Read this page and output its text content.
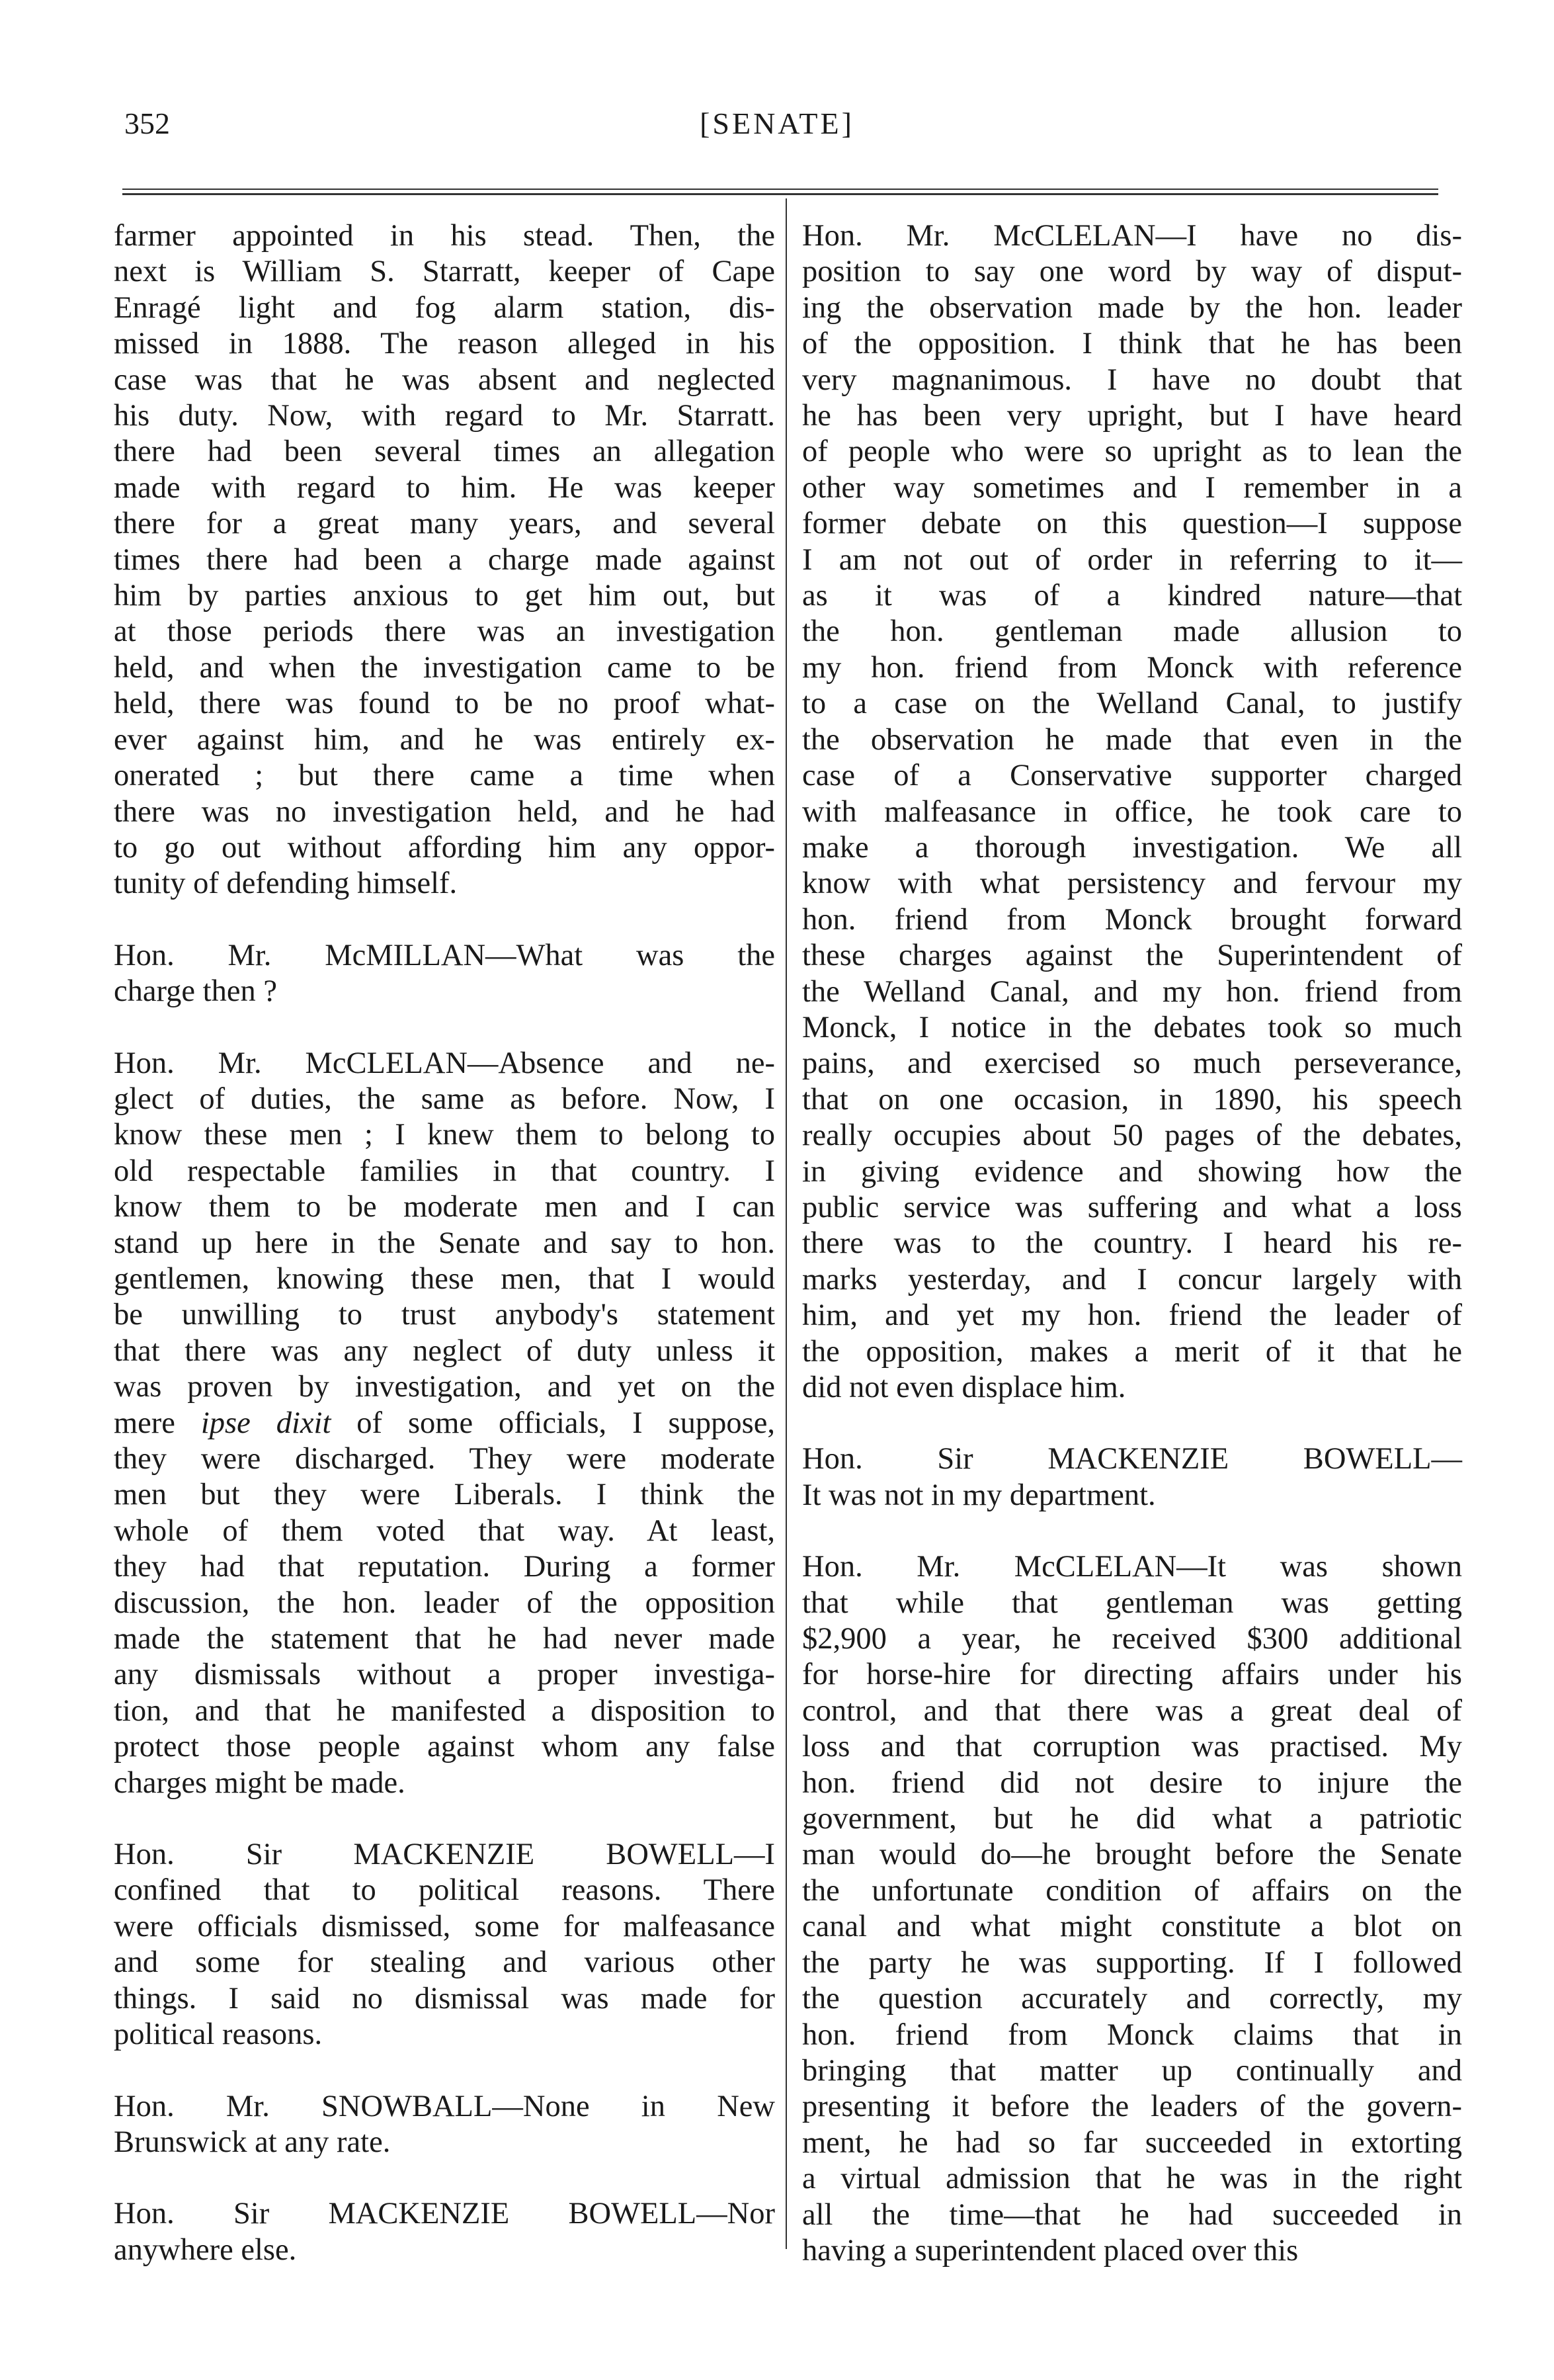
352	[SENATE]
farmer appointed in his stead. Then, the
next is William S. Starratt, keeper of Cape
Enragé light and fog alarm station, dis-
missed in 1888. The reason alleged in his
case was that he was absent and neglected
his duty. Now, with regard to Mr. Starratt.
there had been several times an allegation
made with regard to him. He was keeper
there for a great many years, and several
times there had been a charge made against
him by parties anxious to get him out, but
at those periods there was an investigation
held, and when the investigation came to be
held, there was found to be no proof what-
ever against him, and he was entirely ex-
onerated ; but there came a time when
there was no investigation held, and he had
to go out without affording him any oppor-
tunity of defending himself.
Hon. Mr. McMILLAN—What was the
charge then ?
Hon. Mr. McCLELAN—Absence and ne-
glect of duties, the same as before. Now, I
know these men ; I knew them to belong to
old respectable families in that country. I
know them to be moderate men and I can
stand up here in the Senate and say to hon.
gentlemen, knowing these men, that I would
be unwilling to trust anybody's statement
that there was any neglect of duty unless it
was proven by investigation, and yet on the
mere ipse dixit of some officials, I suppose,
they were discharged. They were moderate
men but they were Liberals. I think the
whole of them voted that way. At least,
they had that reputation. During a former
discussion, the hon. leader of the opposition
made the statement that he had never made
any dismissals without a proper investiga-
tion, and that he manifested a disposition to
protect those people against whom any false
charges might be made.
Hon. Sir MACKENZIE BOWELL—I
confined that to political reasons. There
were officials dismissed, some for malfeasance
and some for stealing and various other
things. I said no dismissal was made for
political reasons.
Hon. Mr. SNOWBALL—None in New
Brunswick at any rate.
Hon. Sir MACKENZIE BOWELL—Nor
anywhere else.
Hon. Mr. McCLELAN—I have no dis-
position to say one word by way of disput-
ing the observation made by the hon. leader
of the opposition. I think that he has been
very magnanimous. I have no doubt that
he has been very upright, but I have heard
of people who were so upright as to lean the
other way sometimes and I remember in a
former debate on this question—I suppose
I am not out of order in referring to it—
as it was of a kindred nature—that
the hon. gentleman made allusion to
my hon. friend from Monck with reference
to a case on the Welland Canal, to justify
the observation he made that even in the
case of a Conservative supporter charged
with malfeasance in office, he took care to
make a thorough investigation. We all
know with what persistency and fervour my
hon. friend from Monck brought forward
these charges against the Superintendent of
the Welland Canal, and my hon. friend from
Monck, I notice in the debates took so much
pains, and exercised so much perseverance,
that on one occasion, in 1890, his speech
really occupies about 50 pages of the debates,
in giving evidence and showing how the
public service was suffering and what a loss
there was to the country. I heard his re-
marks yesterday, and I concur largely with
him, and yet my hon. friend the leader of
the opposition, makes a merit of it that he
did not even displace him.
Hon. Sir MACKENZIE BOWELL—
It was not in my department.
Hon. Mr. McCLELAN—It was shown
that while that gentleman was getting
$2,900 a year, he received $300 additional
for horse-hire for directing affairs under his
control, and that there was a great deal of
loss and that corruption was practised. My
hon. friend did not desire to injure the
government, but he did what a patriotic
man would do—he brought before the Senate
the unfortunate condition of affairs on the
canal and what might constitute a blot on
the party he was supporting. If I followed
the question accurately and correctly, my
hon. friend from Monck claims that in
bringing that matter up continually and
presenting it before the leaders of the govern-
ment, he had so far succeeded in extorting
a virtual admission that he was in the right
all the time—that he had succeeded in
having a superintendent placed over this
